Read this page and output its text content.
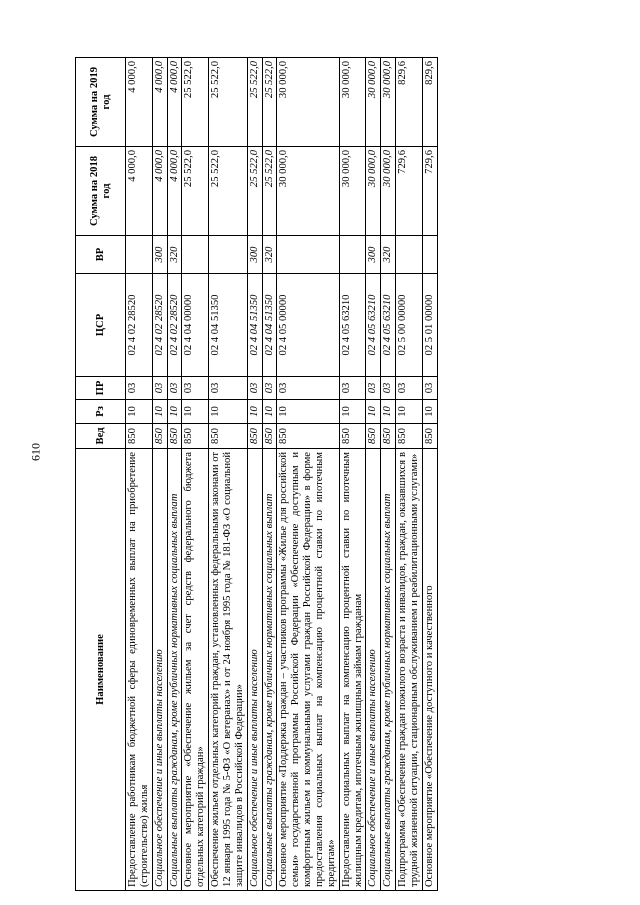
610
Наименование	Вед	Рз	ПР	ЦСР	ВР	Сумма на 2018 год	Сумма на 2019 год
Предоставление работникам бюджетной сферы единовременных выплат на приобретение (строительство) жилья	850	10	03	02 4 02 28520		4 000,0	4 000,0
Социальное обеспечение и иные выплаты населению	850	10	03	02 4 02 28520	300	4 000,0	4 000,0
Социальные выплаты гражданам, кроме публичных нормативных социальных выплат	850	10	03	02 4 02 28520	320	4 000,0	4 000,0
Основное мероприятие «Обеспечение жильем за счет средств федерального бюджета отдельных категорий граждан»	850	10	03	02 4 04 00000		25 522,0	25 522,0
Обеспечение жильем отдельных категорий граждан, установленных федеральными законами от 12 января 1995 года № 5-ФЗ «О ветеранах» и от 24 ноября 1995 года № 181-ФЗ «О социальной защите инвалидов в Российской Федерации»	850	10	03	02 4 04 51350		25 522,0	25 522,0
Социальное обеспечение и иные выплаты населению	850	10	03	02 4 04 51350	300	25 522,0	25 522,0
Социальные выплаты гражданам, кроме публичных нормативных социальных выплат	850	10	03	02 4 04 51350	320	25 522,0	25 522,0
Основное мероприятие «Поддержка граждан – участников программы «Жилье для российской семьи» государственной программы Российской Федерации «Обеспечение доступным и комфортным жильем и коммунальными услугами граждан Российской Федерации» в форме предоставления социальных выплат на компенсацию процентной ставки по ипотечным кредитам»	850	10	03	02 4 05 00000		30 000,0	30 000,0
Предоставление социальных выплат на компенсацию процентной ставки по ипотечным жилищным кредитам, ипотечным жилищным займам гражданам	850	10	03	02 4 05 63210		30 000,0	30 000,0
Социальное обеспечение и иные выплаты населению	850	10	03	02 4 05 63210	300	30 000,0	30 000,0
Социальные выплаты гражданам, кроме публичных нормативных социальных выплат	850	10	03	02 4 05 63210	320	30 000,0	30 000,0
Подпрограмма «Обеспечение граждан пожилого возраста и инвалидов, граждан, оказавшихся в трудной жизненной ситуации, стационарным обслуживанием и реабилитационными услугами»	850	10	03	02 5 00 00000		729,6	829,6
Основное мероприятие «Обеспечение доступного и качественного	850	10	03	02 5 01 00000		729,6	829,6
